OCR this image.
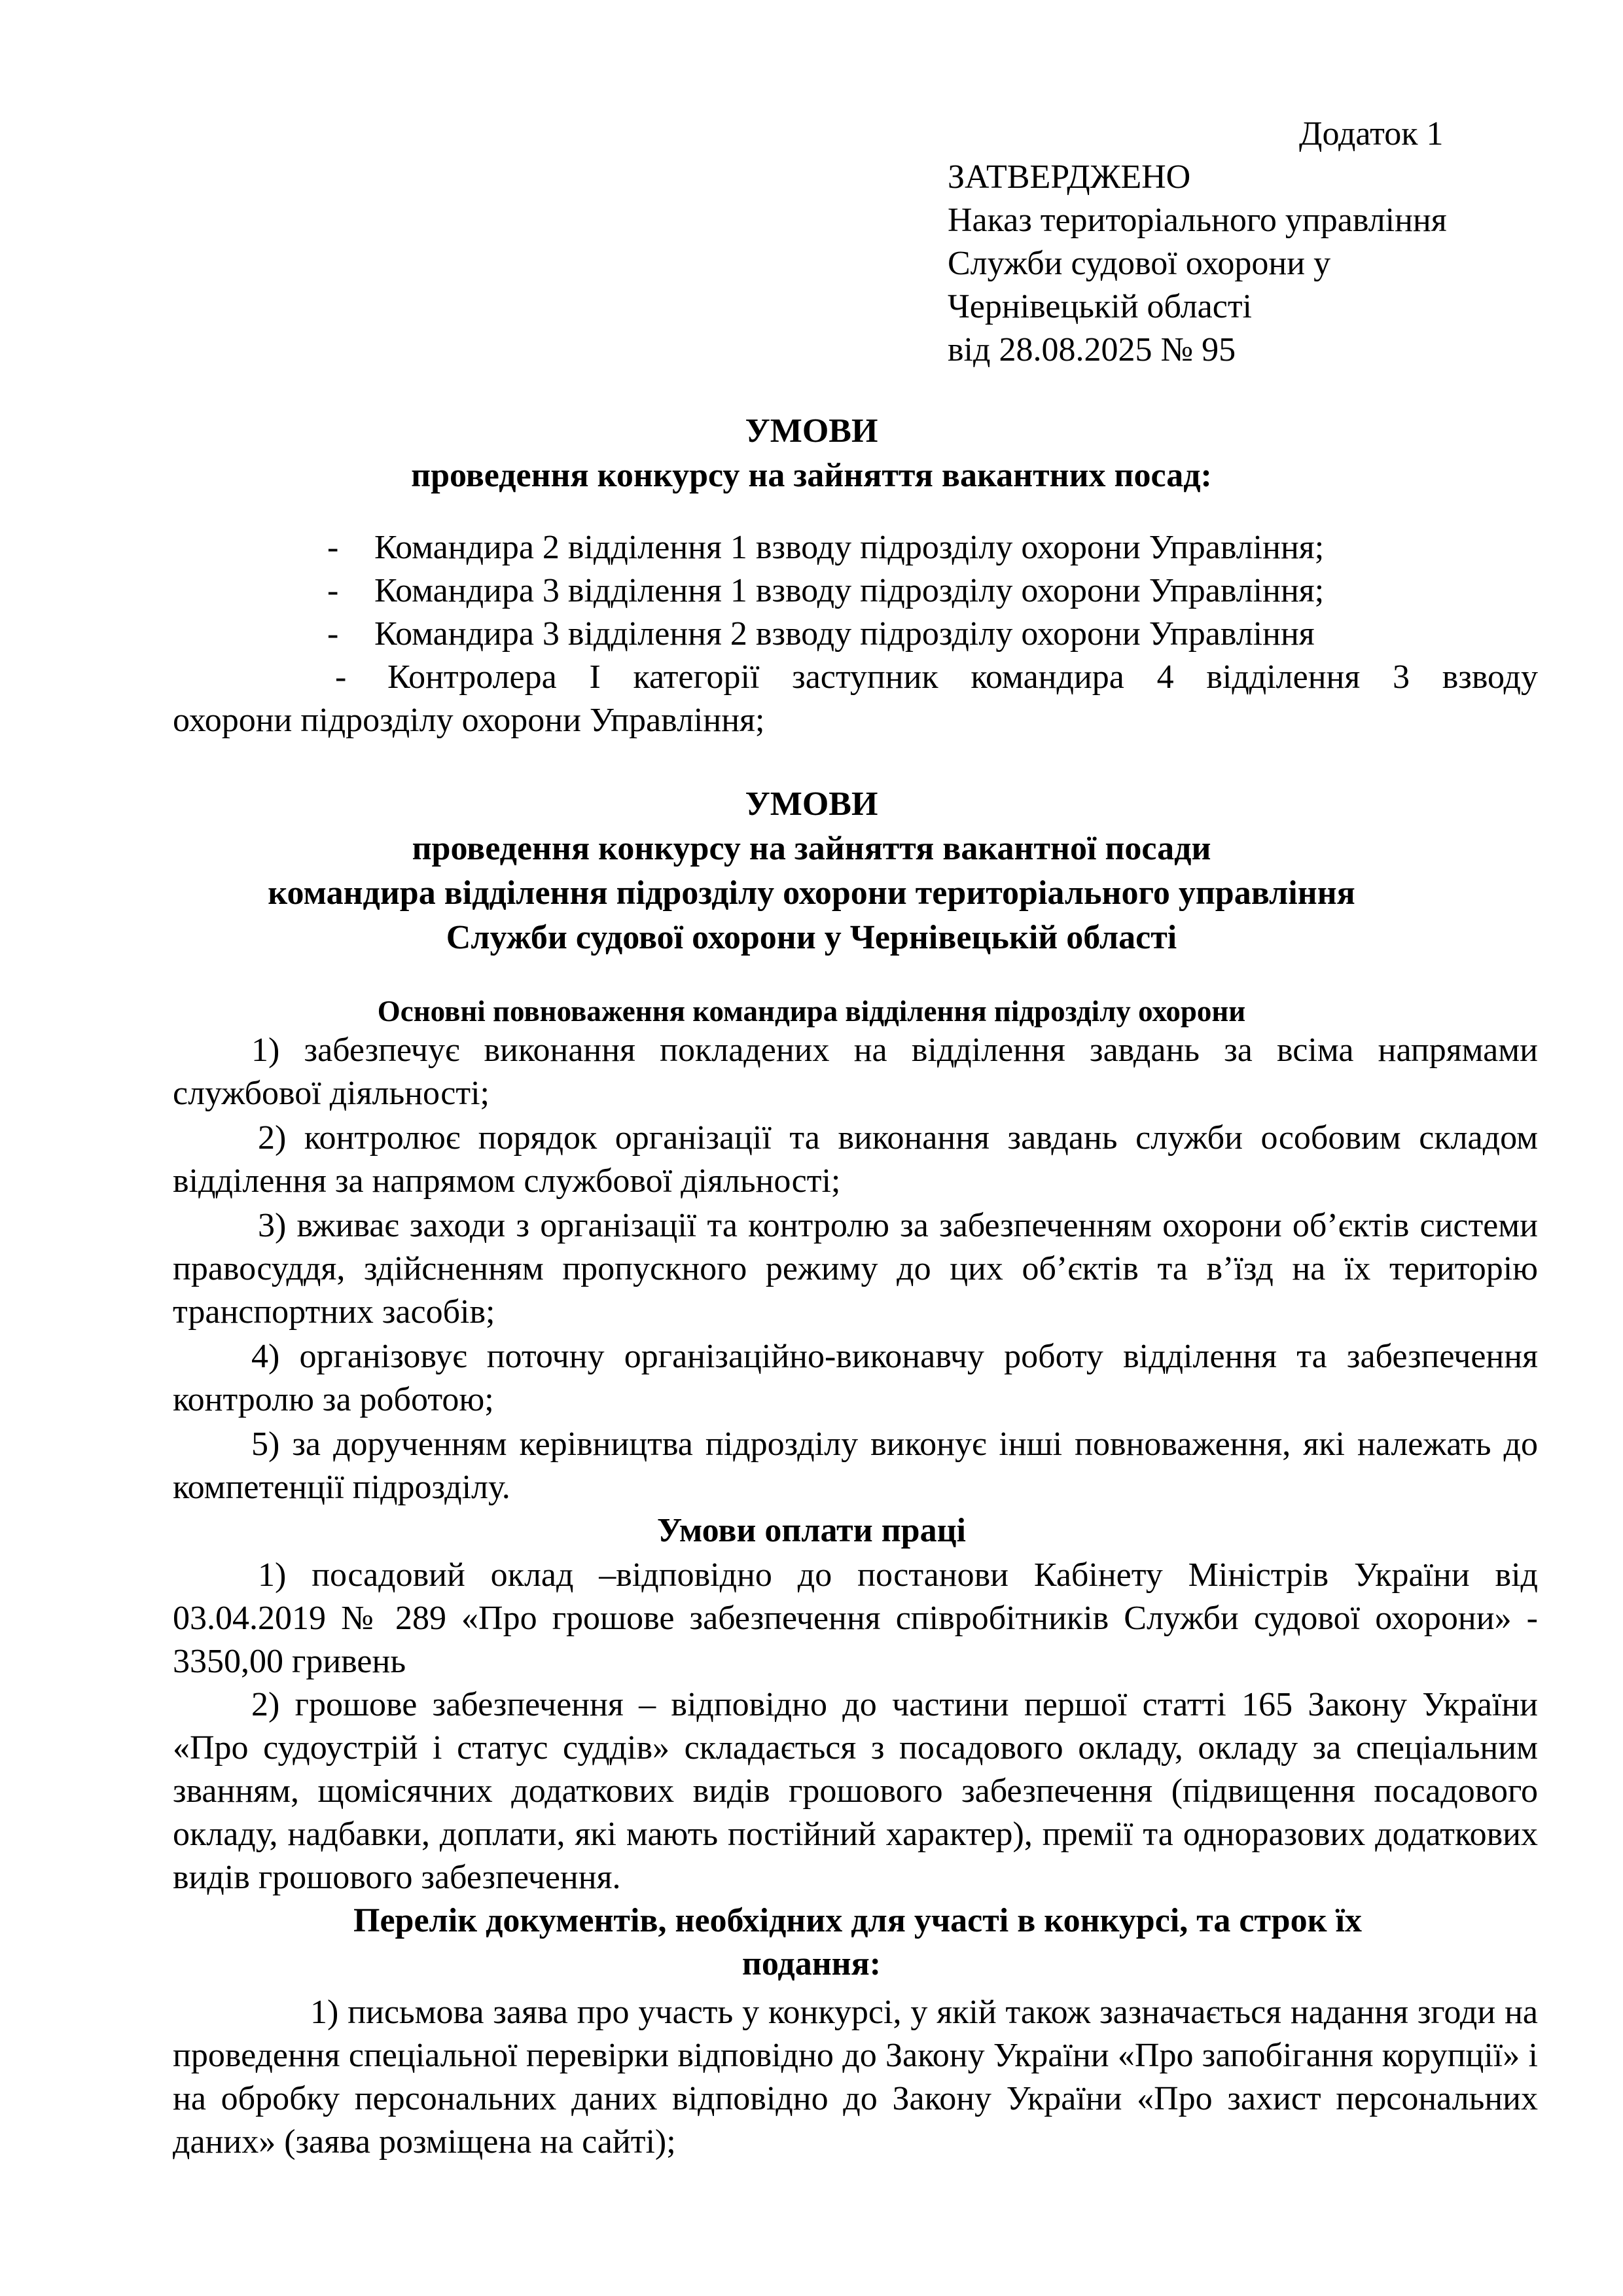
Додаток 1
ЗАТВЕРДЖЕНО
Наказ територіального управління
Служби судової охорони у
Чернівецькій області
від 28.08.2025 № 95
УМОВИ
проведення конкурсу на зайняття вакантних посад:
- Командира 2 відділення 1 взводу підрозділу охорони Управління;
- Командира 3 відділення 1 взводу підрозділу охорони Управління;
- Командира 3 відділення 2 взводу підрозділу охорони Управління
- Контролера І категорії заступник командира 4 відділення 3 взводу
охорони підрозділу охорони Управління;
УМОВИ
проведення конкурсу на зайняття вакантної посади
командира відділення підрозділу охорони територіального управління
Служби судової охорони у Чернівецькій області
Основні повноваження командира відділення підрозділу охорони
1) забезпечує виконання покладених на відділення завдань за всіма напрямами службової діяльності;
2) контролює порядок організації та виконання завдань служби особовим складом відділення за напрямом службової діяльності;
3) вживає заходи з організації та контролю за забезпеченням охорони об’єктів системи правосуддя, здійсненням пропускного режиму до цих об’єктів та в’їзд на їх територію транспортних засобів;
4) організовує поточну організаційно-виконавчу роботу відділення та забезпечення контролю за роботою;
5) за дорученням керівництва підрозділу виконує інші повноваження, які належать до компетенції підрозділу.
Умови оплати праці
1) посадовий оклад –відповідно до постанови Кабінету Міністрів України від 03.04.2019 № 289 «Про грошове забезпечення співробітників Служби судової охорони» - 3350,00 гривень
2) грошове забезпечення – відповідно до частини першої статті 165 Закону України «Про судоустрій і статус суддів» складається з посадового окладу, окладу за спеціальним званням, щомісячних додаткових видів грошового забезпечення (підвищення посадового окладу, надбавки, доплати, які мають постійний характер), премії та одноразових додаткових видів грошового забезпечення.
Перелік документів, необхідних для участі в конкурсі, та строк їх
подання:
1) письмова заява про участь у конкурсі, у якій також зазначається надання згоди на проведення спеціальної перевірки відповідно до Закону України «Про запобігання корупції» і на обробку персональних даних відповідно до Закону України «Про захист персональних даних» (заява розміщена на сайті);
